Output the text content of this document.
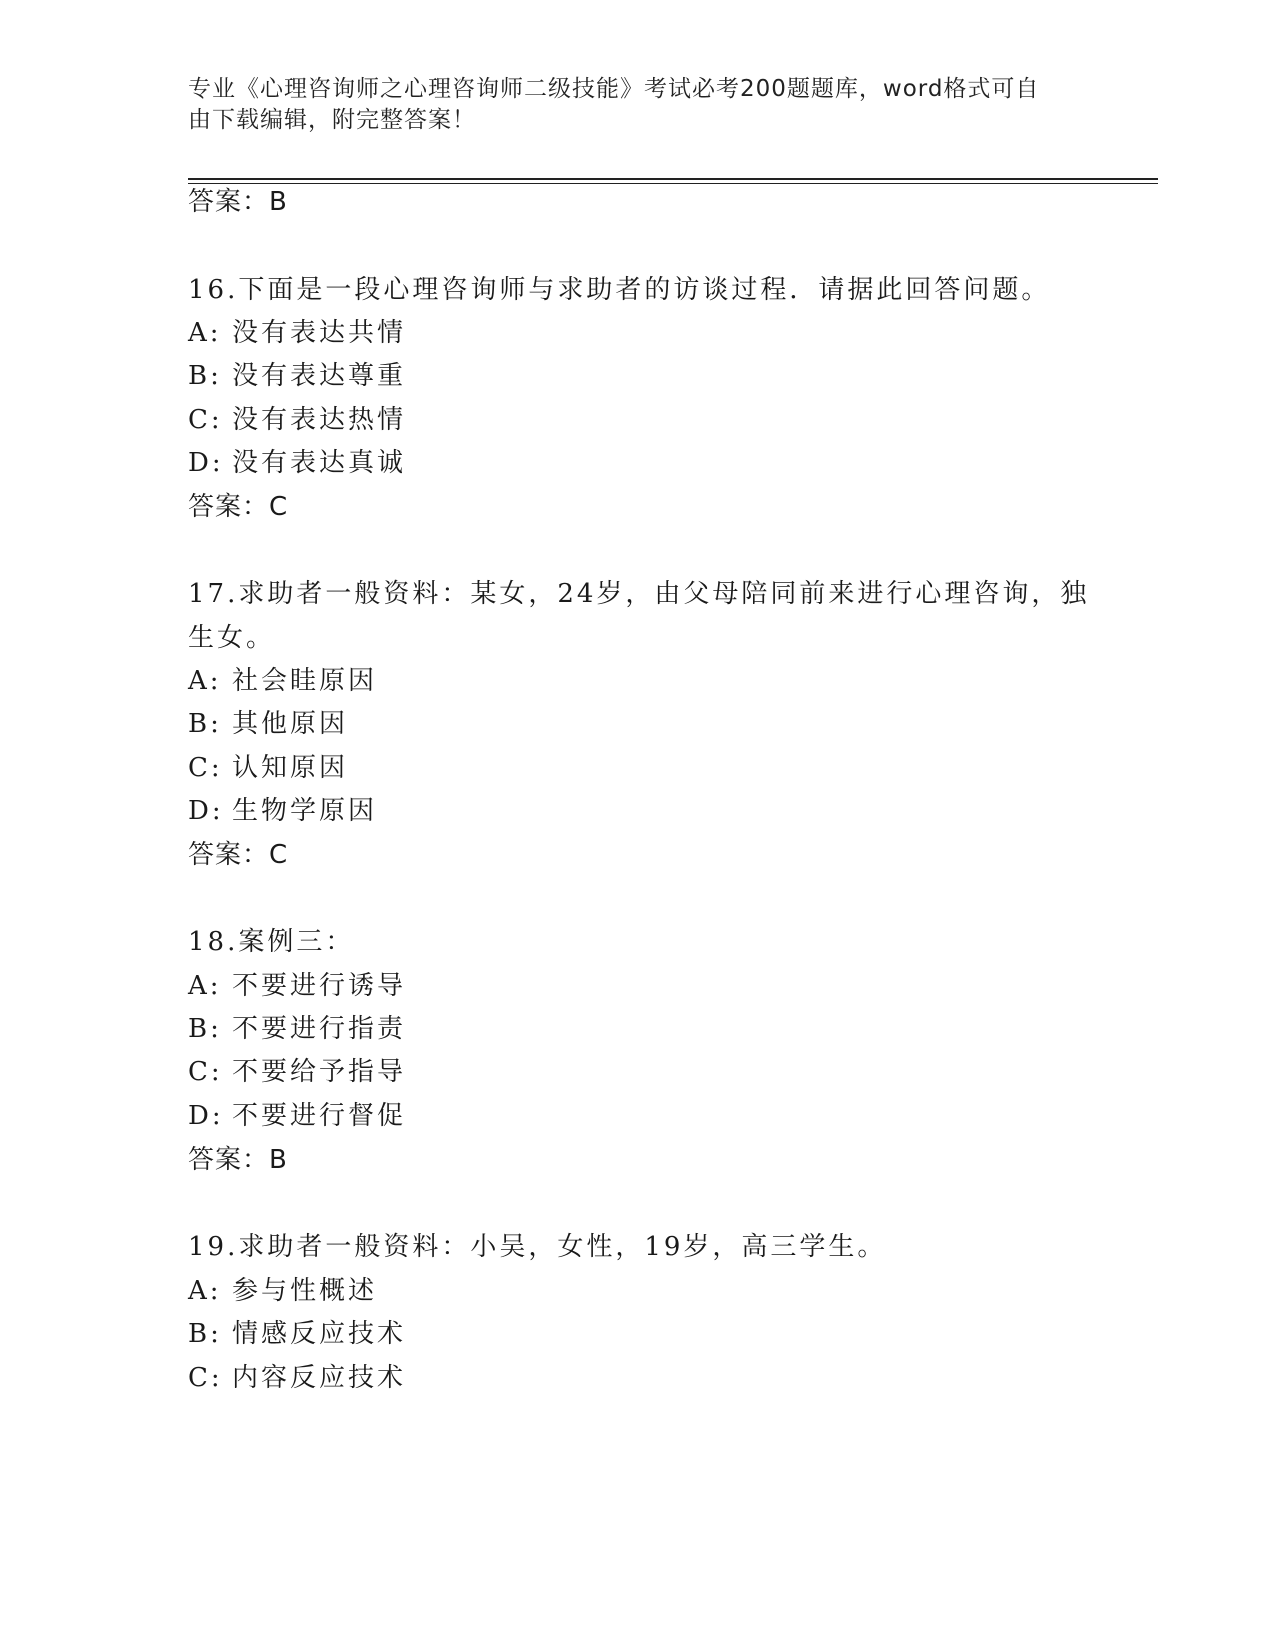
专业《心理咨询师之心理咨询师二级技能》考试必考200题题库，word格式可自
由下载编辑，附完整答案！
答案：B
16.下面是一段心理咨询师与求助者的访谈过程．请据此回答问题。
A: 没有表达共情
B: 没有表达尊重
C: 没有表达热情
D: 没有表达真诚
答案：C
17.求助者一般资料：某女，24岁，由父母陪同前来进行心理咨询，独
生女。
A: 社会眭原因
B: 其他原因
C: 认知原因
D: 生物学原因
答案：C
18.案例三：
A: 不要进行诱导
B: 不要进行指责
C: 不要给予指导
D: 不要进行督促
答案：B
19.求助者一般资料：小吴，女性，19岁，高三学生。
A: 参与性概述
B: 情感反应技术
C: 内容反应技术
